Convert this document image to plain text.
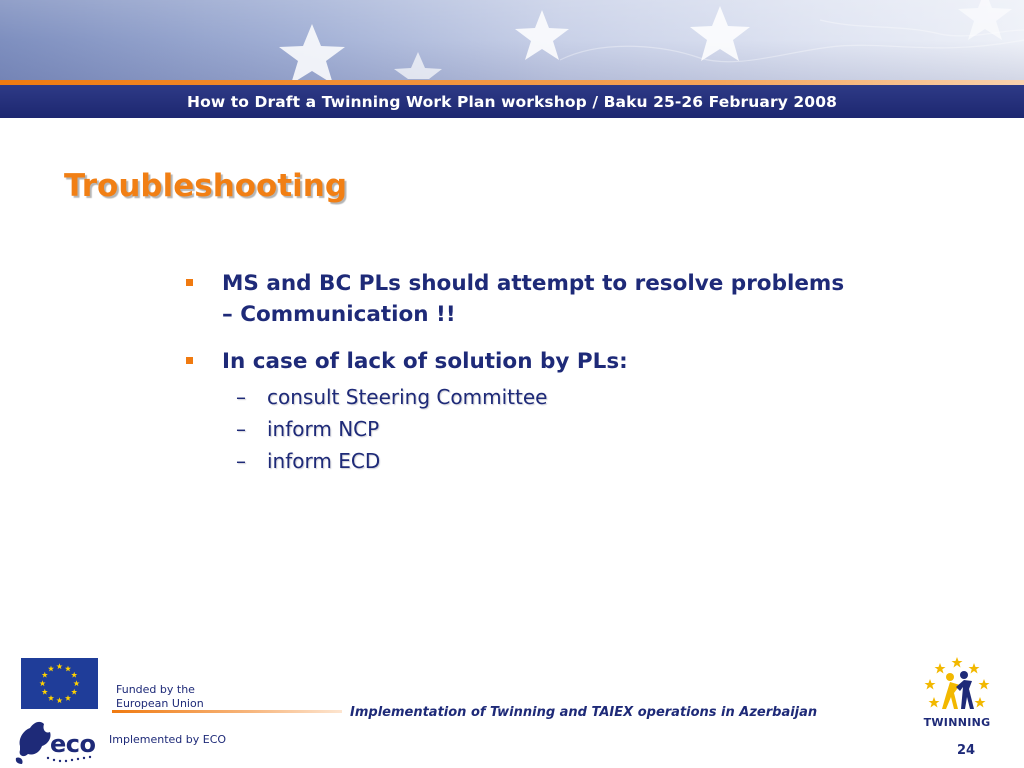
How to Draft a Twinning Work Plan workshop / Baku 25-26 February 2008
Troubleshooting
MS and BC PLs should attempt to resolve problems
– Communication !!
In case of lack of solution by PLs:
– consult Steering Committee
– inform NCP
– inform ECD
Funded by the
European Union
Implementation of Twinning and TAIEX operations in Azerbaijan
eco Implemented by ECO
TWINNING
24
